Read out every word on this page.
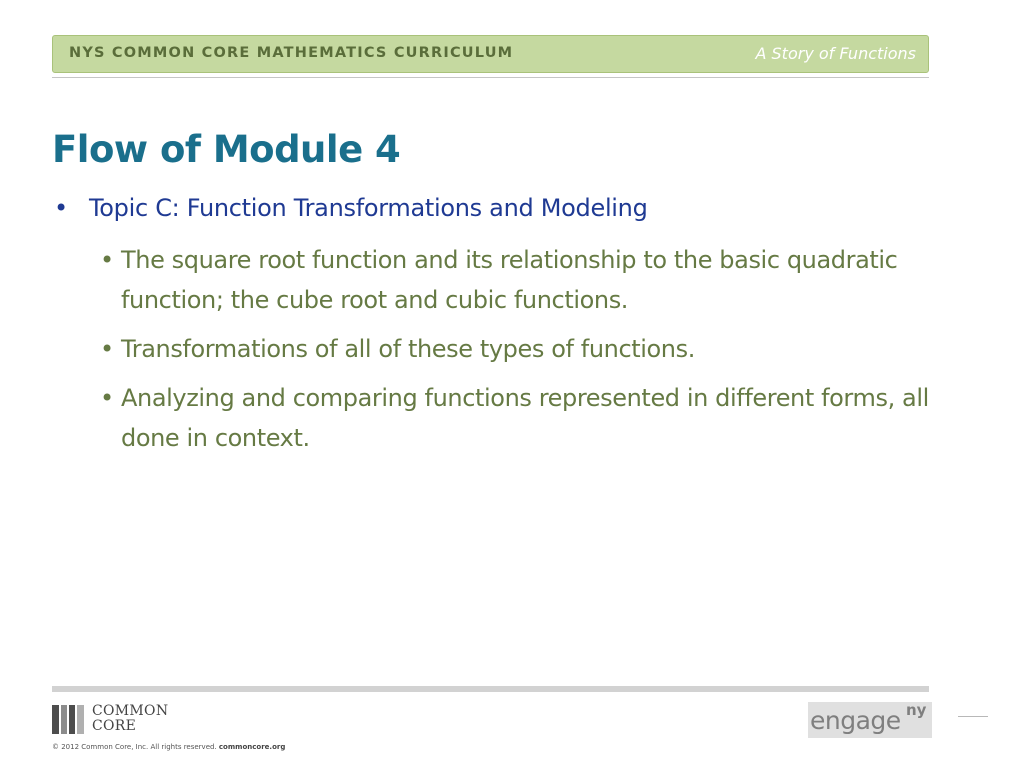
NYS COMMON CORE MATHEMATICS CURRICULUM	A Story of Functions
Flow of Module 4
• Topic C: Function Transformations and Modeling
• The square root function and its relationship to the basic quadratic function; the cube root and cubic functions.
• Transformations of all of these types of functions.
• Analyzing and comparing functions represented in different forms, all done in context.
COMMON
CORE
© 2012 Common Core, Inc. All rights reserved. commoncore.org
engage ny
